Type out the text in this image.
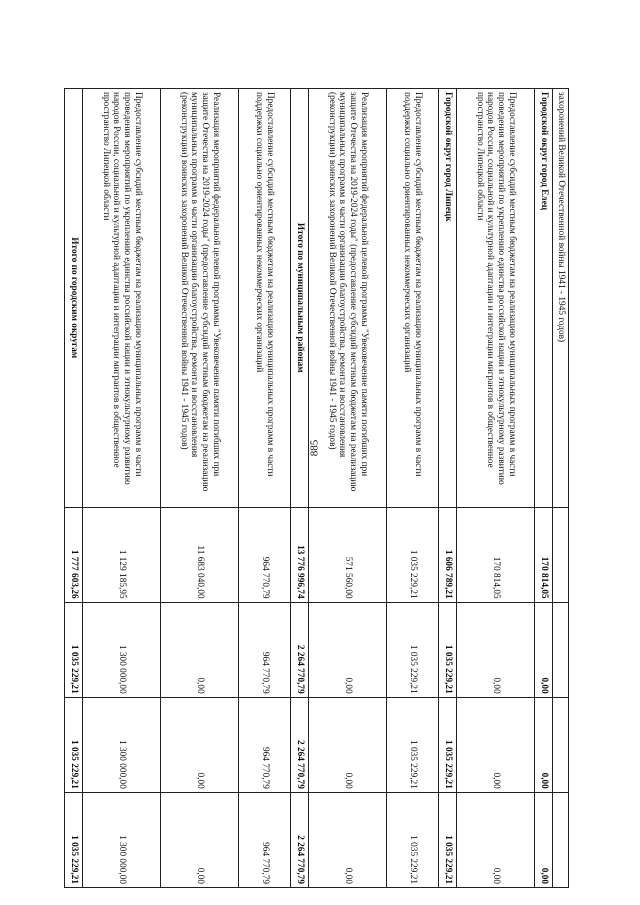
885
захоронений Великой Отечественной войны 1941 - 1945 годов)				
Городской округ город Елец	170 814,05	0,00	0,00	0,00
Предоставление субсидий местным бюджетам на реализацию муниципальных программ в части проведения мероприятий по укреплению единства российской нации и этнокультурному развитию народов России, социальной и культурной адаптации и интеграции мигрантов в общественное пространство Липецкой области	170 814,05	0,00	0,00	0,00
Городской округ город Липецк	1 606 789,21	1 035 229,21	1 035 229,21	1 035 229,21
Предоставление субсидий местным бюджетам на реализацию муниципальных программ в части поддержки социально ориентированных некоммерческих организаций	1 035 229,21	1 035 229,21	1 035 229,21	1 035 229,21
Реализация мероприятий федеральной целевой программы "Увековечение памяти погибших при защите Отечества на 2019-2024 годы" (предоставление субсидий местным бюджетам на реализацию муниципальных программ в части организации благоустройства, ремонта и восстановления (реконструкции) воинских захоронений Великой Отечественной войны 1941 - 1945 годов)	571 560,00	0,00	0,00	0,00
Итого по муниципальным районам	13 776 996,74	2 264 770,79	2 264 770,79	2 264 770,79
Предоставление субсидий местным бюджетам на реализацию муниципальных программ в части поддержки социально ориентированных некоммерческих организаций	964 770,79	964 770,79	964 770,79	964 770,79
Реализация мероприятий федеральной целевой программы "Увековечение памяти погибших при защите Отечества на 2019-2024 годы" (предоставление субсидий местным бюджетам на реализацию муниципальных программ в части организации благоустройства, ремонта и восстановления (реконструкции) воинских захоронений Великой Отечественной войны 1941 - 1945 годов)	11 683 040,00	0,00	0,00	0,00
Предоставление субсидий местным бюджетам на реализацию муниципальных программ в части проведения мероприятий по укреплению единства российской нации и этнокультурному развитию народов России, социальной и культурной адаптации и интеграции мигрантов в общественное пространство Липецкой области	1 129 185,95	1 300 000,00	1 300 000,00	1 300 000,00
Итого по городским округам	1 777 603,26	1 035 229,21	1 035 229,21	1 035 229,21
